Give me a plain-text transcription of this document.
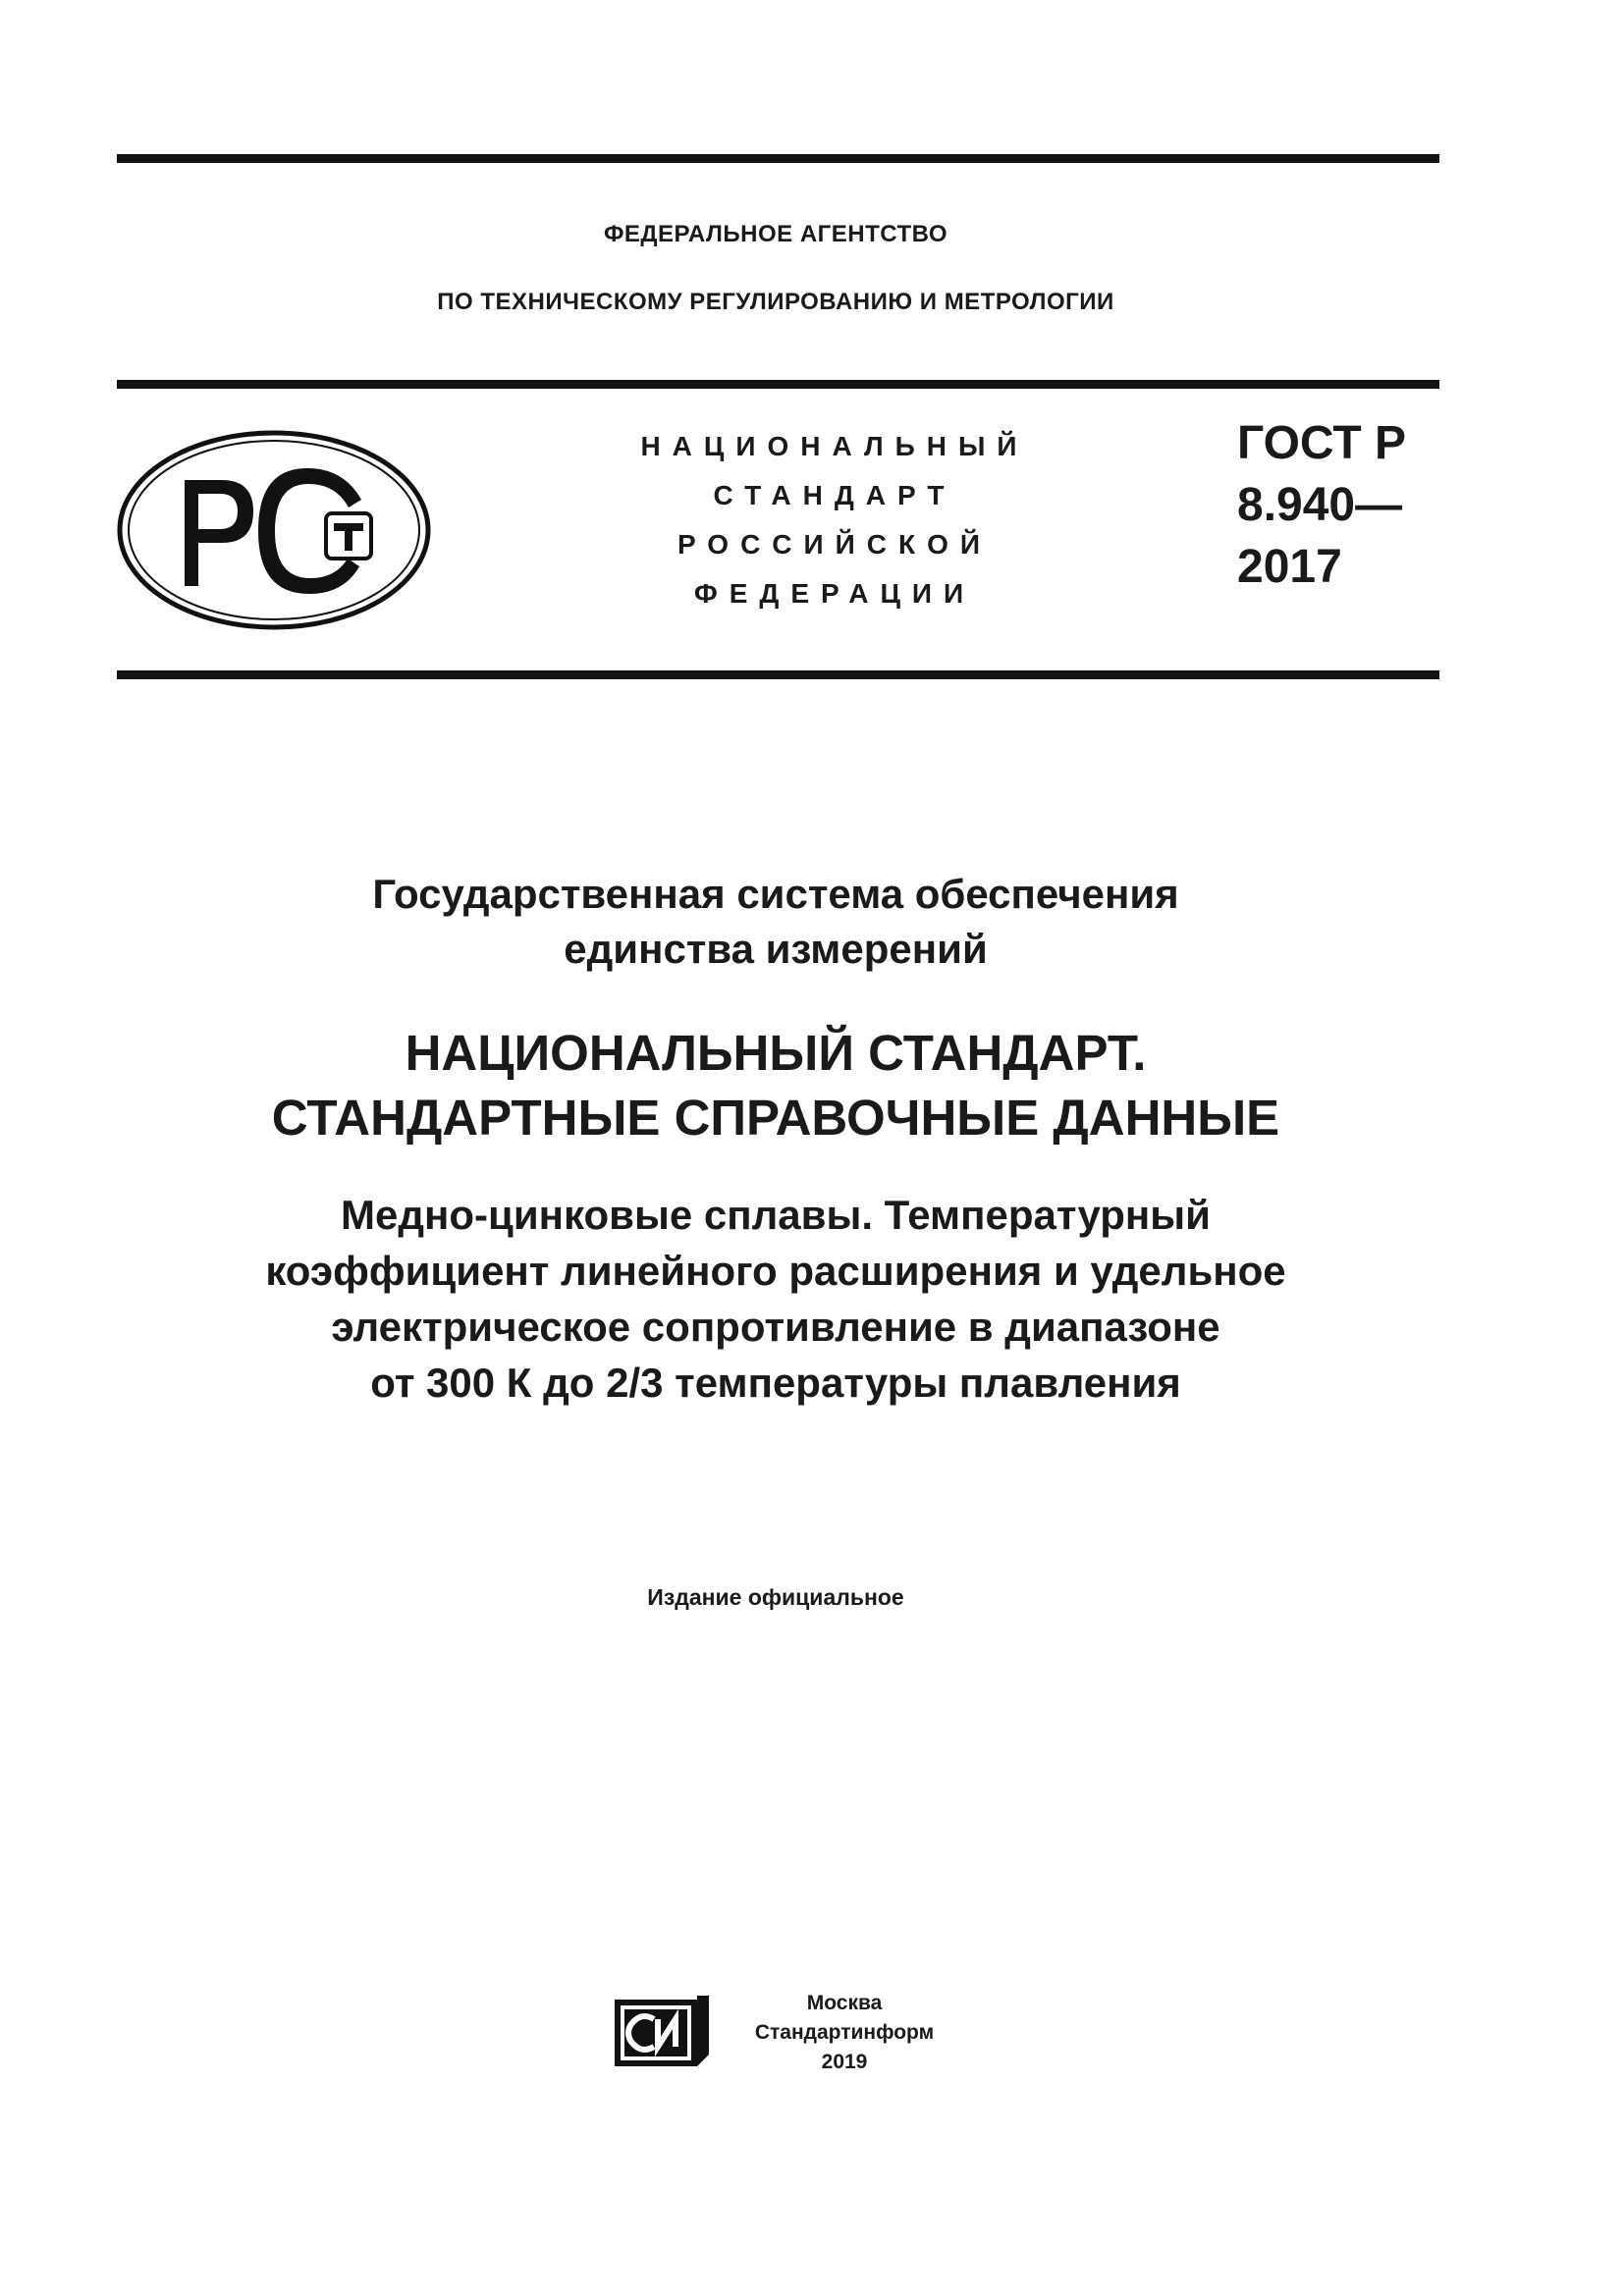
ФЕДЕРАЛЬНОЕ АГЕНТСТВО
ПО ТЕХНИЧЕСКОМУ РЕГУЛИРОВАНИЮ И МЕТРОЛОГИИ
НАЦИОНАЛЬНЫЙ
СТАНДАРТ
РОССИЙСКОЙ
ФЕДЕРАЦИИ
ГОСТ Р
8.940—
2017
Государственная система обеспечения
единства измерений
НАЦИОНАЛЬНЫЙ СТАНДАРТ.
СТАНДАРТНЫЕ СПРАВОЧНЫЕ ДАННЫЕ
Медно-цинковые сплавы. Температурный
коэффициент линейного расширения и удельное
электрическое сопротивление в диапазоне
от 300 К до 2/3 температуры плавления
Издание официальное
Москва
Стандартинформ
2019
